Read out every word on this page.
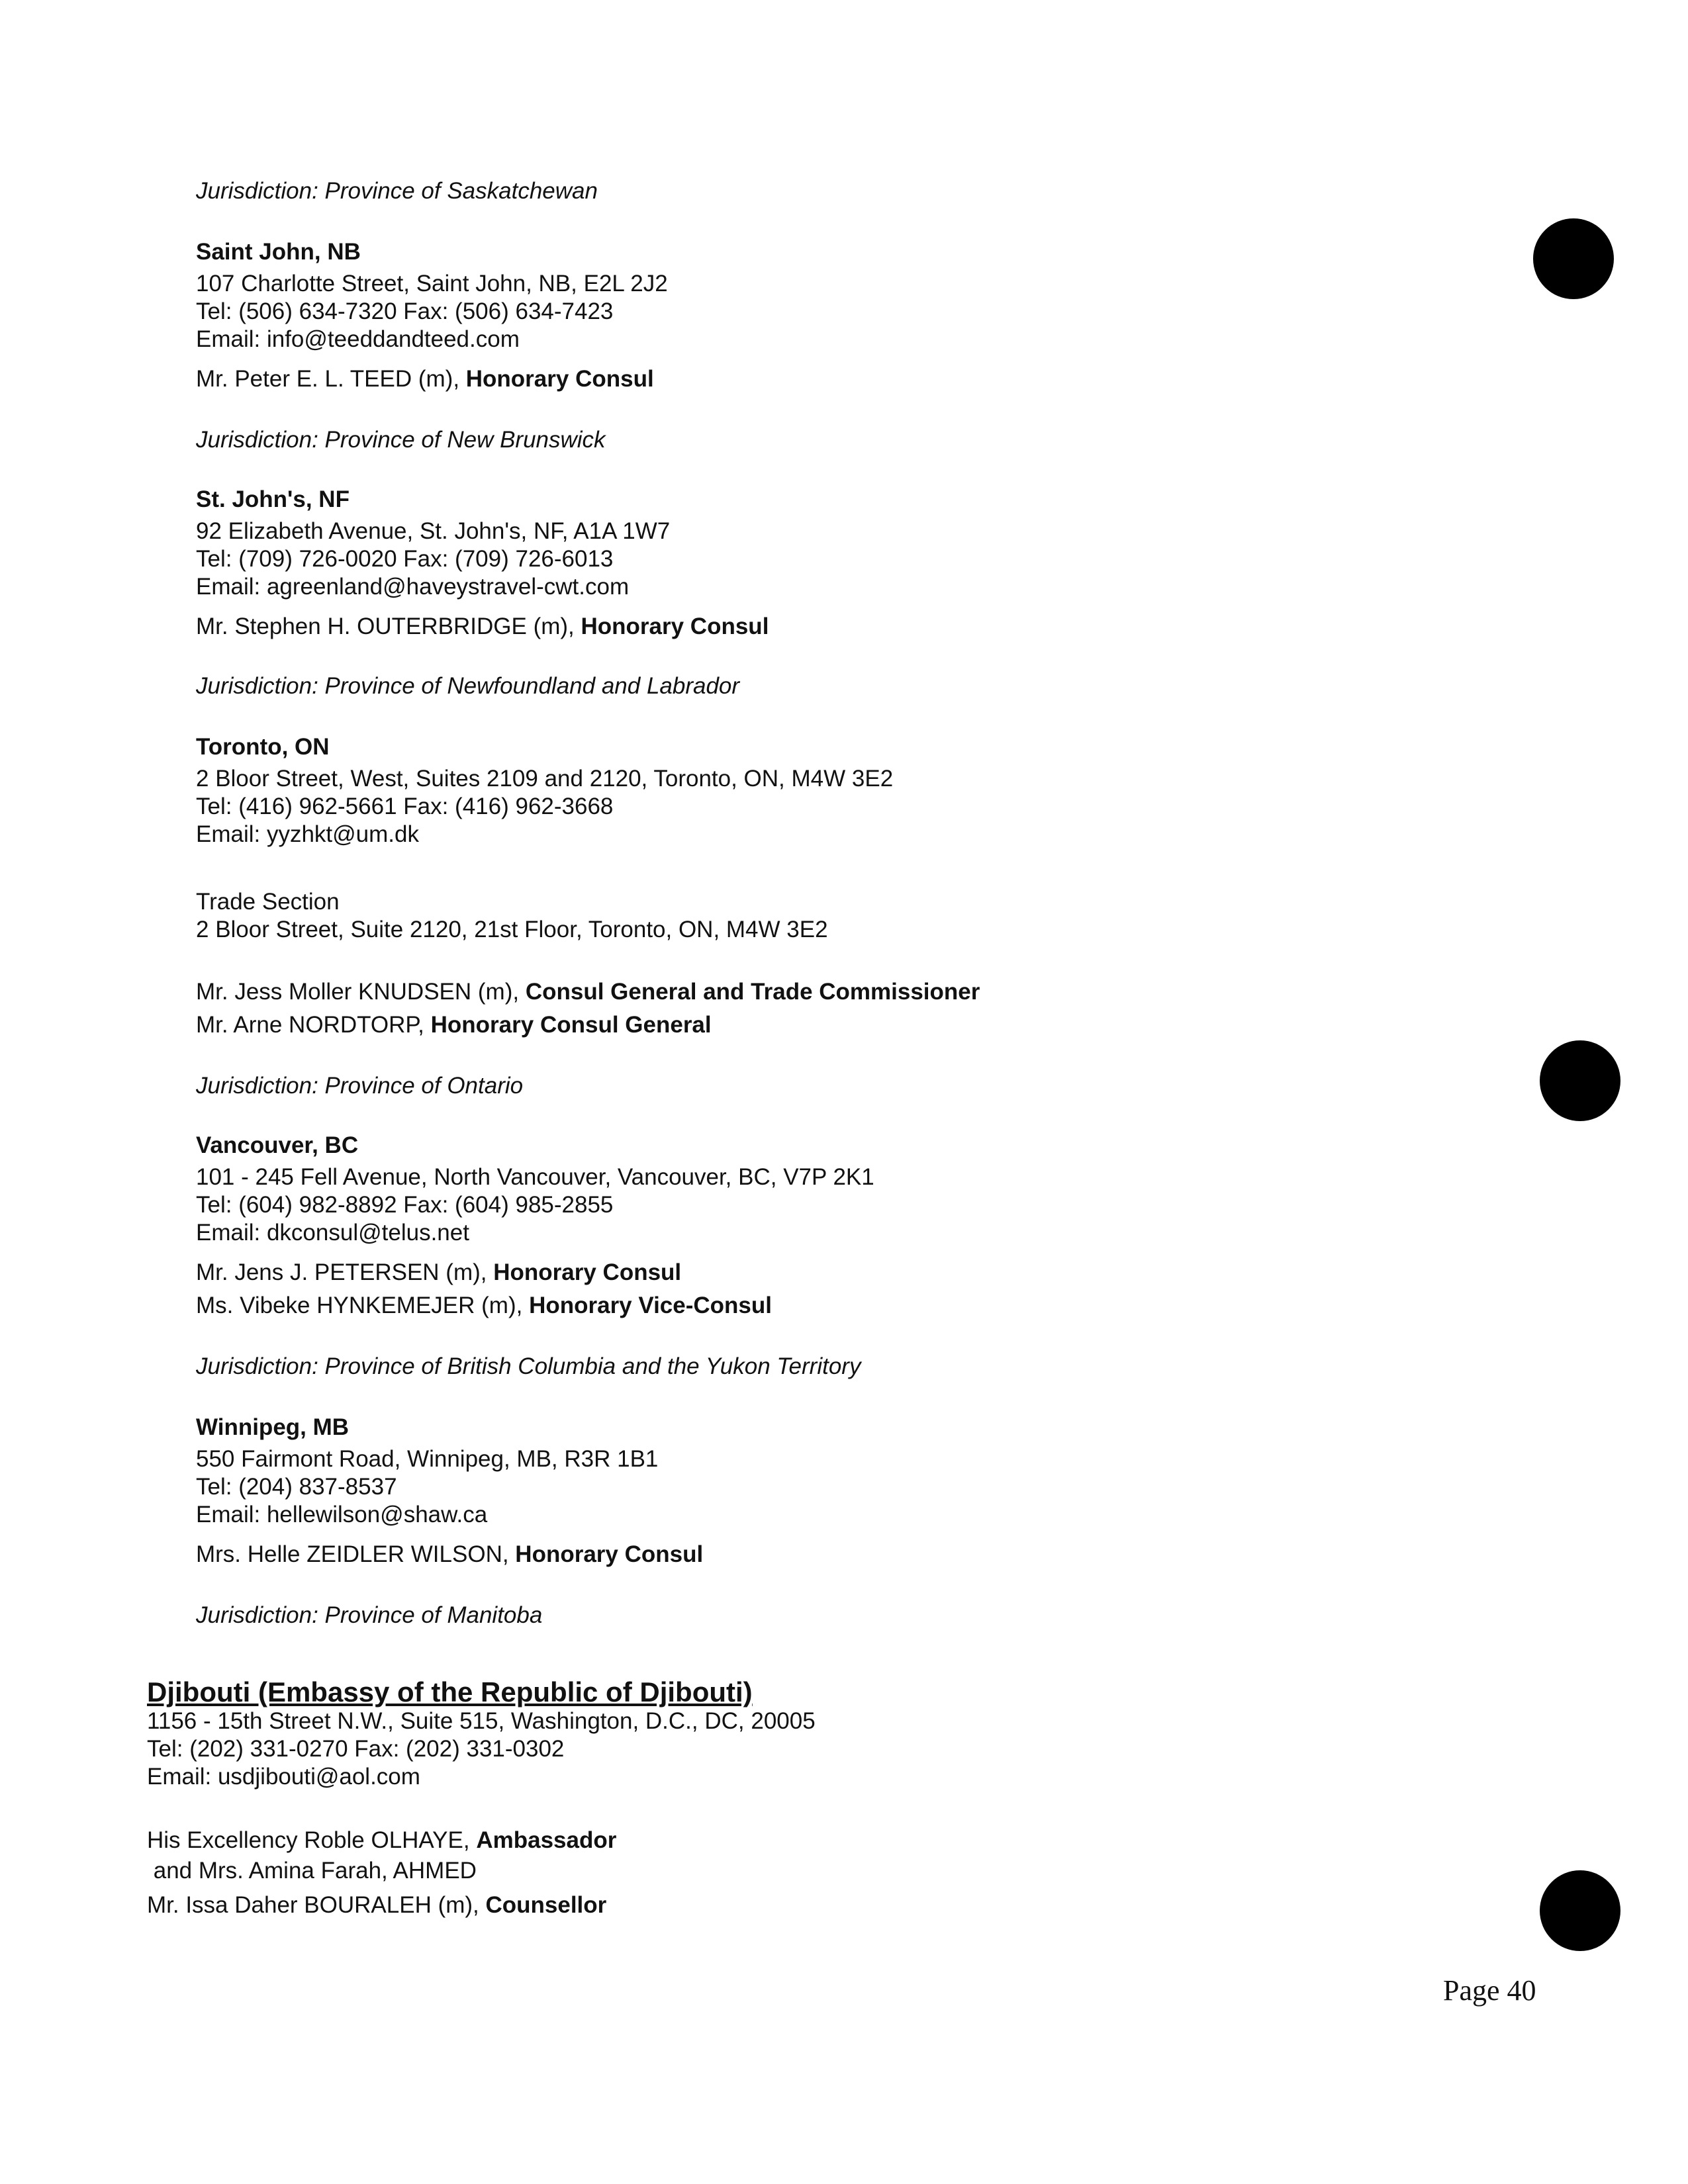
Jurisdiction: Province of Saskatchewan
Saint John, NB
107 Charlotte Street, Saint John, NB, E2L 2J2
Tel: (506) 634-7320 Fax: (506) 634-7423
Email: info@teeddandteed.com
Mr. Peter E. L. TEED (m), Honorary Consul
Jurisdiction: Province of New Brunswick
St. John's, NF
92 Elizabeth Avenue, St. John's, NF, A1A 1W7
Tel: (709) 726-0020 Fax: (709) 726-6013
Email: agreenland@haveystravel-cwt.com
Mr. Stephen H. OUTERBRIDGE (m), Honorary Consul
Jurisdiction: Province of Newfoundland and Labrador
Toronto, ON
2 Bloor Street, West, Suites 2109 and 2120, Toronto, ON, M4W 3E2
Tel: (416) 962-5661 Fax: (416) 962-3668
Email: yyzhkt@um.dk
Trade Section
2 Bloor Street, Suite 2120, 21st Floor, Toronto, ON, M4W 3E2
Mr. Jess Moller KNUDSEN (m), Consul General and Trade Commissioner
Mr. Arne NORDTORP, Honorary Consul General
Jurisdiction: Province of Ontario
Vancouver, BC
101 - 245 Fell Avenue, North Vancouver, Vancouver, BC, V7P 2K1
Tel: (604) 982-8892 Fax: (604) 985-2855
Email: dkconsul@telus.net
Mr. Jens J. PETERSEN (m), Honorary Consul
Ms. Vibeke HYNKEMEJER (m), Honorary Vice-Consul
Jurisdiction: Province of British Columbia and the Yukon Territory
Winnipeg, MB
550 Fairmont Road, Winnipeg, MB, R3R 1B1
Tel: (204) 837-8537
Email: hellewilson@shaw.ca
Mrs. Helle ZEIDLER WILSON, Honorary Consul
Jurisdiction: Province of Manitoba
Djibouti (Embassy of the Republic of Djibouti)
1156 - 15th Street N.W., Suite 515, Washington, D.C., DC, 20005
Tel: (202) 331-0270 Fax: (202) 331-0302
Email: usdjibouti@aol.com
His Excellency Roble OLHAYE, Ambassador
and Mrs. Amina Farah, AHMED
Mr. Issa Daher BOURALEH (m), Counsellor
Page 40
